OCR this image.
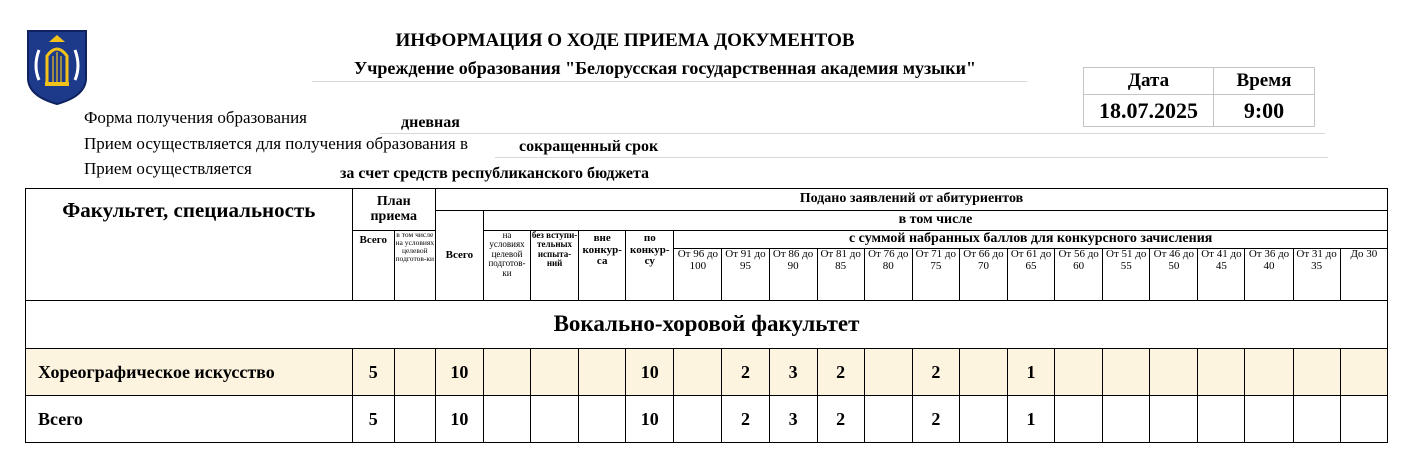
ИНФОРМАЦИЯ О ХОДЕ ПРИЕМА ДОКУМЕНТОВ
Учреждение образования "Белорусская государственная академия музыки"
Дата	Время
18.07.2025	9:00
Форма получения образования	дневная
Прием осуществляется для получения образования в	сокращенный срок
Прием осуществляется	за счет средств республиканского бюджета
Факультет, специальность	План приема		Подано заявлений от абитуриентов																			
			Всего	в том числе																		
	Всего	в том числе на условиях целевой подготов-ки		на условиях целевой подготов-ки	без вступи-тельных испыта-ний	вне конкур-са	по конкур-су	с суммой набранных баллов для конкурсного зачисления														
								От 96 до 100	От 91 до 95	От 86 до 90	От 81 до 85	От 76 до 80	От 71 до 75	От 66 до 70	От 61 до 65	От 56 до 60	От 51 до 55	От 46 до 50	От 41 до 45	От 36 до 40	От 31 до 35	До 30
Вокально-хоровой факультет																						
Хореографическое искусство	5		10				10		2	3	2		2		1							
Всего	5		10				10		2	3	2		2		1							
